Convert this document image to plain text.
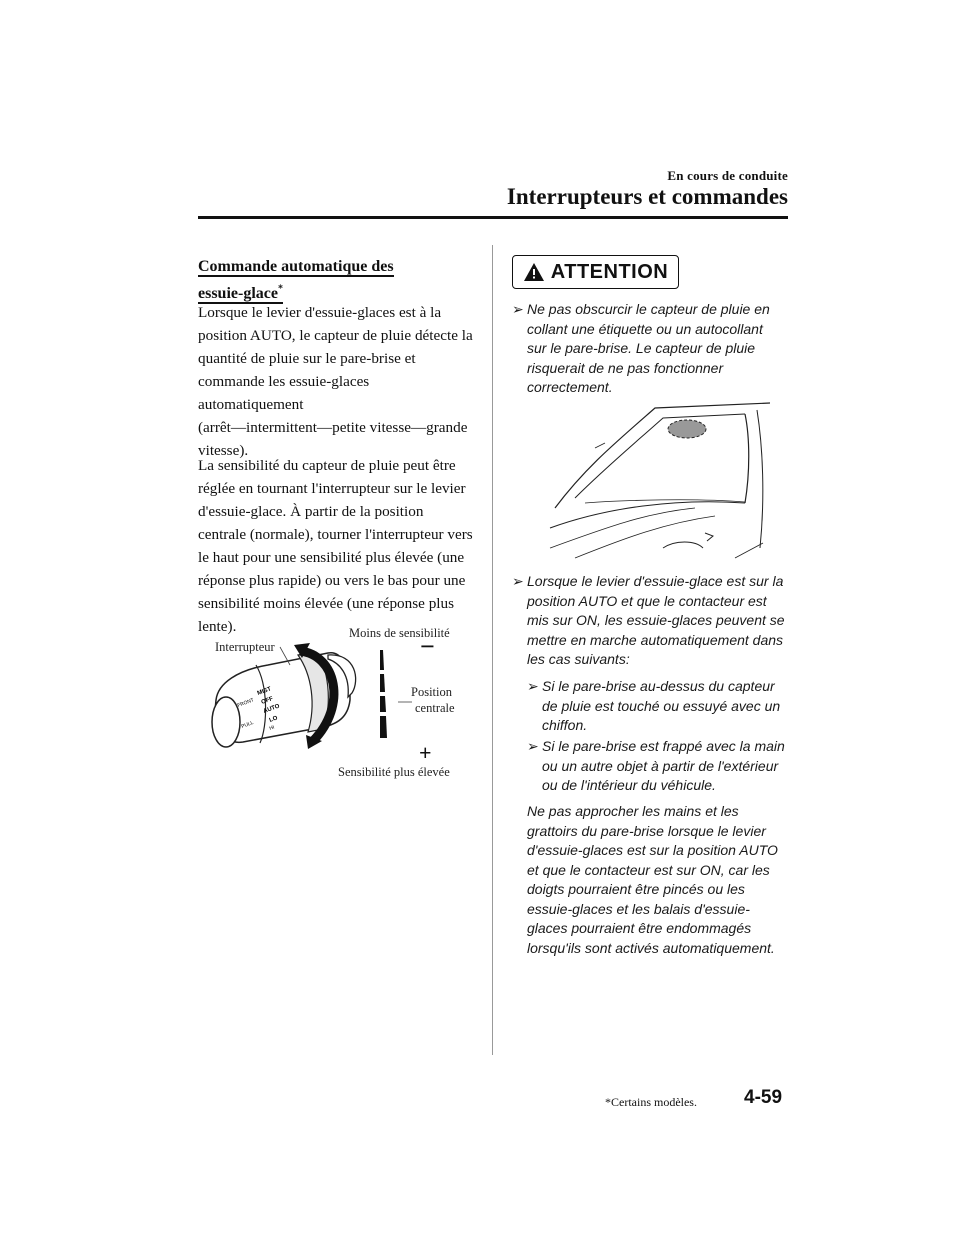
En cours de conduite
Interrupteurs et commandes
Commande automatique des
essuie-glace*
Lorsque le levier d'essuie-glaces est à la position AUTO, le capteur de pluie détecte la quantité de pluie sur le pare-brise et commande les essuie-glaces automatiquement (arrêt―intermittent―petite vitesse―grande vitesse).
La sensibilité du capteur de pluie peut être réglée en tournant l'interrupteur sur le levier d'essuie-glace. À partir de la position centrale (normale), tourner l'interrupteur vers le haut pour une sensibilité plus élevée (une réponse plus rapide) ou vers le bas pour une sensibilité moins élevée (une réponse plus lente).
FRONT
PULL
MIST
OFF
AUTO
LO
HI
Interrupteur
Moins de sensibilité
−
Position
centrale
+
Sensibilité plus élevée
ATTENTION
➢ Ne pas obscurcir le capteur de pluie en collant une étiquette ou un autocollant sur le pare-brise. Le capteur de pluie risquerait de ne pas fonctionner correctement.
➢ Lorsque le levier d'essuie-glace est sur la position AUTO et que le contacteur est mis sur ON, les essuie-glaces peuvent se mettre en marche automatiquement dans les cas suivants:
➢ Si le pare-brise au-dessus du capteur de pluie est touché ou essuyé avec un chiffon.
➢ Si le pare-brise est frappé avec la main ou un autre objet à partir de l'extérieur ou de l'intérieur du véhicule.
Ne pas approcher les mains et les grattoirs du pare-brise lorsque le levier d'essuie-glaces est sur la position AUTO et que le contacteur est sur ON, car les doigts pourraient être pincés ou les essuie-glaces et les balais d'essuie-glaces pourraient être endommagés lorsqu'ils sont activés automatiquement.
*Certains modèles. 4-59
